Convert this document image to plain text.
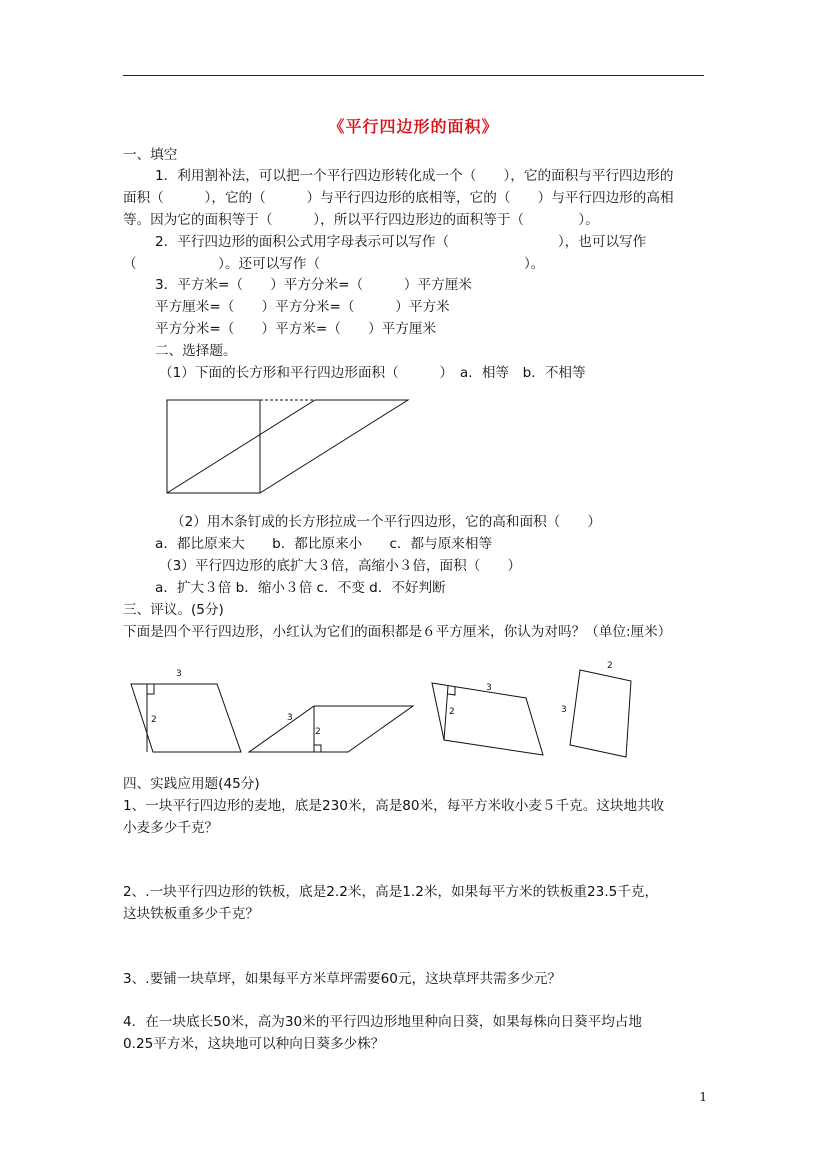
《平行四边形的面积》
一、填空
1．利用割补法，可以把一个平行四边形转化成一个（　　），它的面积与平行四边形的
面积（　　　），它的（　　　）与平行四边形的底相等，它的（　　）与平行四边形的高相
等。因为它的面积等于（　　　），所以平行四边形边的面积等于（　　　　）。
2．平行四边形的面积公式用字母表示可以写作（　　　　　　　　），也可以写作
（　　　　　　）。还可以写作（　　　　　　　　　　　　　　　）。
3．平方米=（　　）平方分米=（　　　）平方厘米
平方厘米=（　　）平方分米=（　　　）平方米
平方分米=（　　）平方米=（　　）平方厘米
二、选择题。
（1）下面的长方形和平行四边形面积（　　　）　a．相等　b．不相等
（2）用木条钉成的长方形拉成一个平行四边形，它的高和面积（　　）
a．都比原来大　　b．都比原来小　　c．都与原来相等
（3）平行四边形的底扩大３倍，高缩小３倍，面积（　　）
a．扩大３倍 b．缩小３倍 c．不变 d．不好判断
三、评议。(5分)
下面是四个平行四边形，小红认为它们的面积都是６平方厘米，你认为对吗？（单位:厘米）
3
2	3
2
3
2
2
3
四、实践应用题(45分)
1、一块平行四边形的麦地，底是230米，高是80米，每平方米收小麦５千克。这块地共收
小麦多少千克？
2、.一块平行四边形的铁板，底是2.2米，高是1.2米，如果每平方米的铁板重23.5千克，
这块铁板重多少千克？
3、.要铺一块草坪，如果每平方米草坪需要60元，这块草坪共需多少元？
4．在一块底长50米，高为30米的平行四边形地里种向日葵，如果每株向日葵平均占地
0.25平方米，这块地可以种向日葵多少株？
1
